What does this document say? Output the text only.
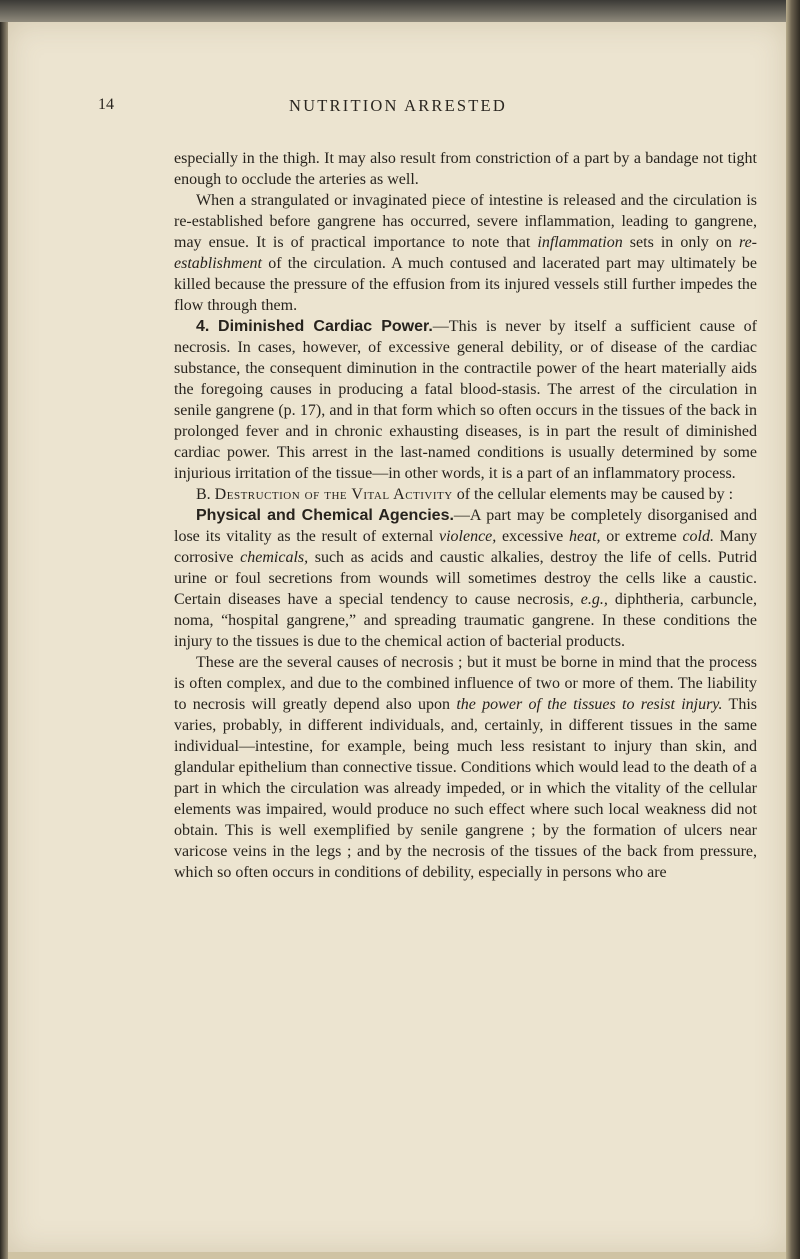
14	NUTRITION ARRESTED

especially in the thigh. It may also result from constriction of a part by a bandage not tight enough to occlude the arteries as well.

When a strangulated or invaginated piece of intestine is released and the circulation is re-established before gangrene has occurred, severe inflammation, leading to gangrene, may ensue. It is of practical importance to note that inflammation sets in only on re-establishment of the circulation. A much contused and lacerated part may ultimately be killed because the pressure of the effusion from its injured vessels still further impedes the flow through them.

4. Diminished Cardiac Power.—This is never by itself a sufficient cause of necrosis. In cases, however, of excessive general debility, or of disease of the cardiac substance, the consequent diminution in the contractile power of the heart materially aids the foregoing causes in producing a fatal blood-stasis. The arrest of the circulation in senile gangrene (p. 17), and in that form which so often occurs in the tissues of the back in prolonged fever and in chronic exhausting diseases, is in part the result of diminished cardiac power. This arrest in the last-named conditions is usually determined by some injurious irritation of the tissue—in other words, it is a part of an inflammatory process.

B. Destruction of the Vital Activity of the cellular elements may be caused by :

Physical and Chemical Agencies.—A part may be completely disorganised and lose its vitality as the result of external violence, excessive heat, or extreme cold. Many corrosive chemicals, such as acids and caustic alkalies, destroy the life of cells. Putrid urine or foul secretions from wounds will sometimes destroy the cells like a caustic. Certain diseases have a special tendency to cause necrosis, e.g., diphtheria, carbuncle, noma, “hospital gangrene,” and spreading traumatic gangrene. In these conditions the injury to the tissues is due to the chemical action of bacterial products.

These are the several causes of necrosis ; but it must be borne in mind that the process is often complex, and due to the combined influence of two or more of them. The liability to necrosis will greatly depend also upon the power of the tissues to resist injury. This varies, probably, in different individuals, and, certainly, in different tissues in the same individual—intestine, for example, being much less resistant to injury than skin, and glandular epithelium than connective tissue. Conditions which would lead to the death of a part in which the circulation was already impeded, or in which the vitality of the cellular elements was impaired, would produce no such effect where such local weakness did not obtain. This is well exemplified by senile gangrene ; by the formation of ulcers near varicose veins in the legs ; and by the necrosis of the tissues of the back from pressure, which so often occurs in conditions of debility, especially in persons who are
